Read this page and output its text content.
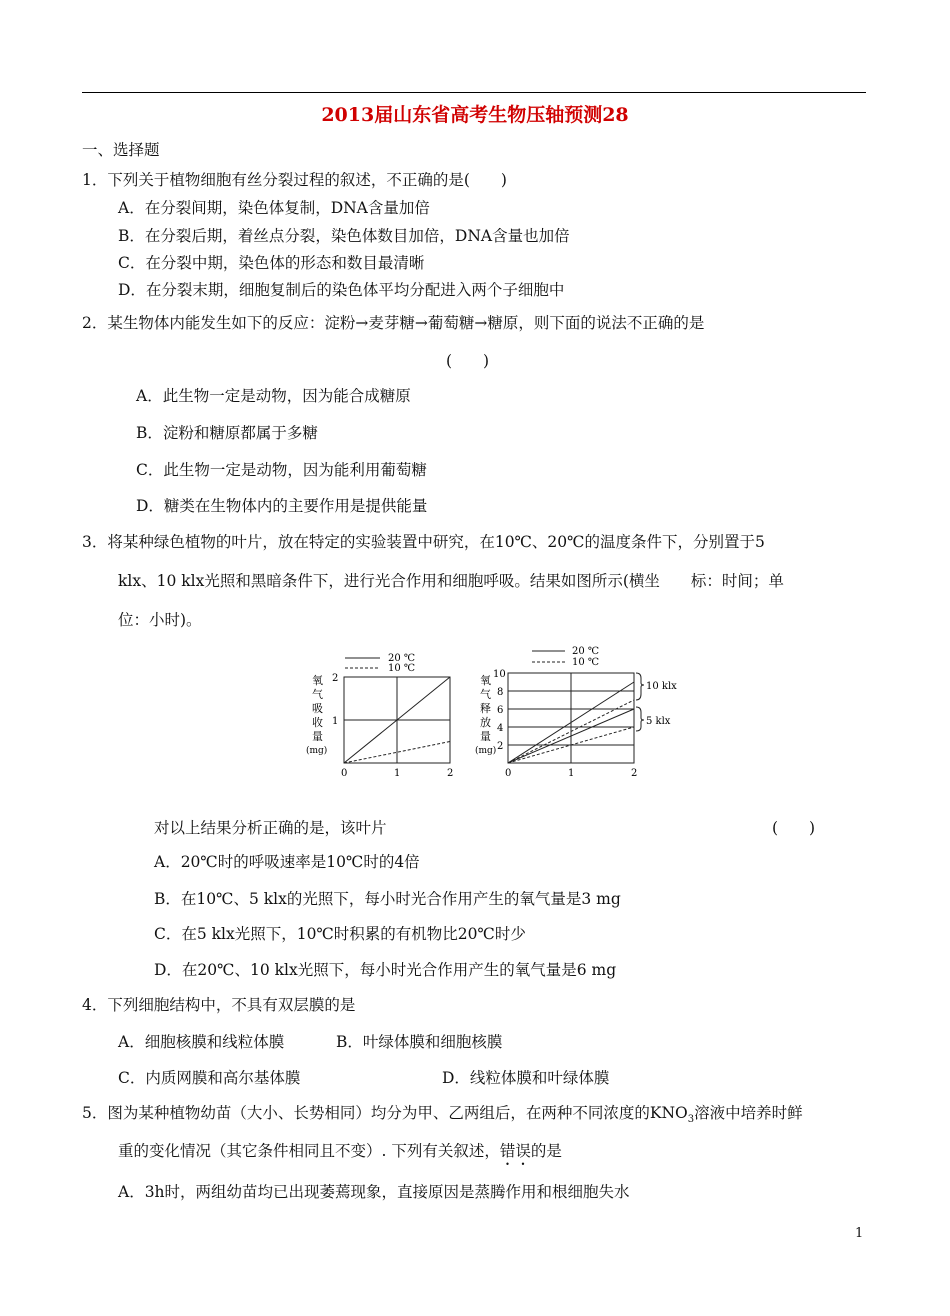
2013届山东省高考生物压轴预测28
一、选择题
1．下列关于植物细胞有丝分裂过程的叙述，不正确的是(　　)
A．在分裂间期，染色体复制，DNA含量加倍
B．在分裂后期，着丝点分裂，染色体数目加倍，DNA含量也加倍
C．在分裂中期，染色体的形态和数目最清晰
D．在分裂末期，细胞复制后的染色体平均分配进入两个子细胞中
2．某生物体内能发生如下的反应：淀粉→麦芽糖→葡萄糖→糖原，则下面的说法不正确的是
(　　)
A．此生物一定是动物，因为能合成糖原
B．淀粉和糖原都属于多糖
C．此生物一定是动物，因为能利用葡萄糖
D．糖类在生物体内的主要作用是提供能量
3．将某种绿色植物的叶片，放在特定的实验装置中研究，在10℃、20℃的温度条件下，分别置于5
klx、10 klx光照和黑暗条件下，进行光合作用和细胞呼吸。结果如图所示(横坐　　标：时间；单
位：小时)。
20 ℃
10 ℃
氧
气
吸
收
量
(mg)
2
1
0	1	2
20 ℃
10 ℃
氧
气
释
放
量
(mg)
10
8
6
4
2
0	1	2
10 klx
5 klx
对以上结果分析正确的是，该叶片	(　　)
A．20℃时的呼吸速率是10℃时的4倍
B．在10℃、5 klx的光照下，每小时光合作用产生的氧气量是3 mg
C．在5 klx光照下，10℃时积累的有机物比20℃时少
D．在20℃、10 klx光照下，每小时光合作用产生的氧气量是6 mg
4．下列细胞结构中，不具有双层膜的是
A．细胞核膜和线粒体膜	B．叶绿体膜和细胞核膜
C．内质网膜和高尔基体膜	D．线粒体膜和叶绿体膜
5．图为某种植物幼苗（大小、长势相同）均分为甲、乙两组后，在两种不同浓度的$KNO_3$溶液中培养时鲜
重的变化情况（其它条件相同且不变）. 下列有关叙述，错误的是
A．3h时，两组幼苗均已出现萎蔫现象，直接原因是蒸腾作用和根细胞失水
1
